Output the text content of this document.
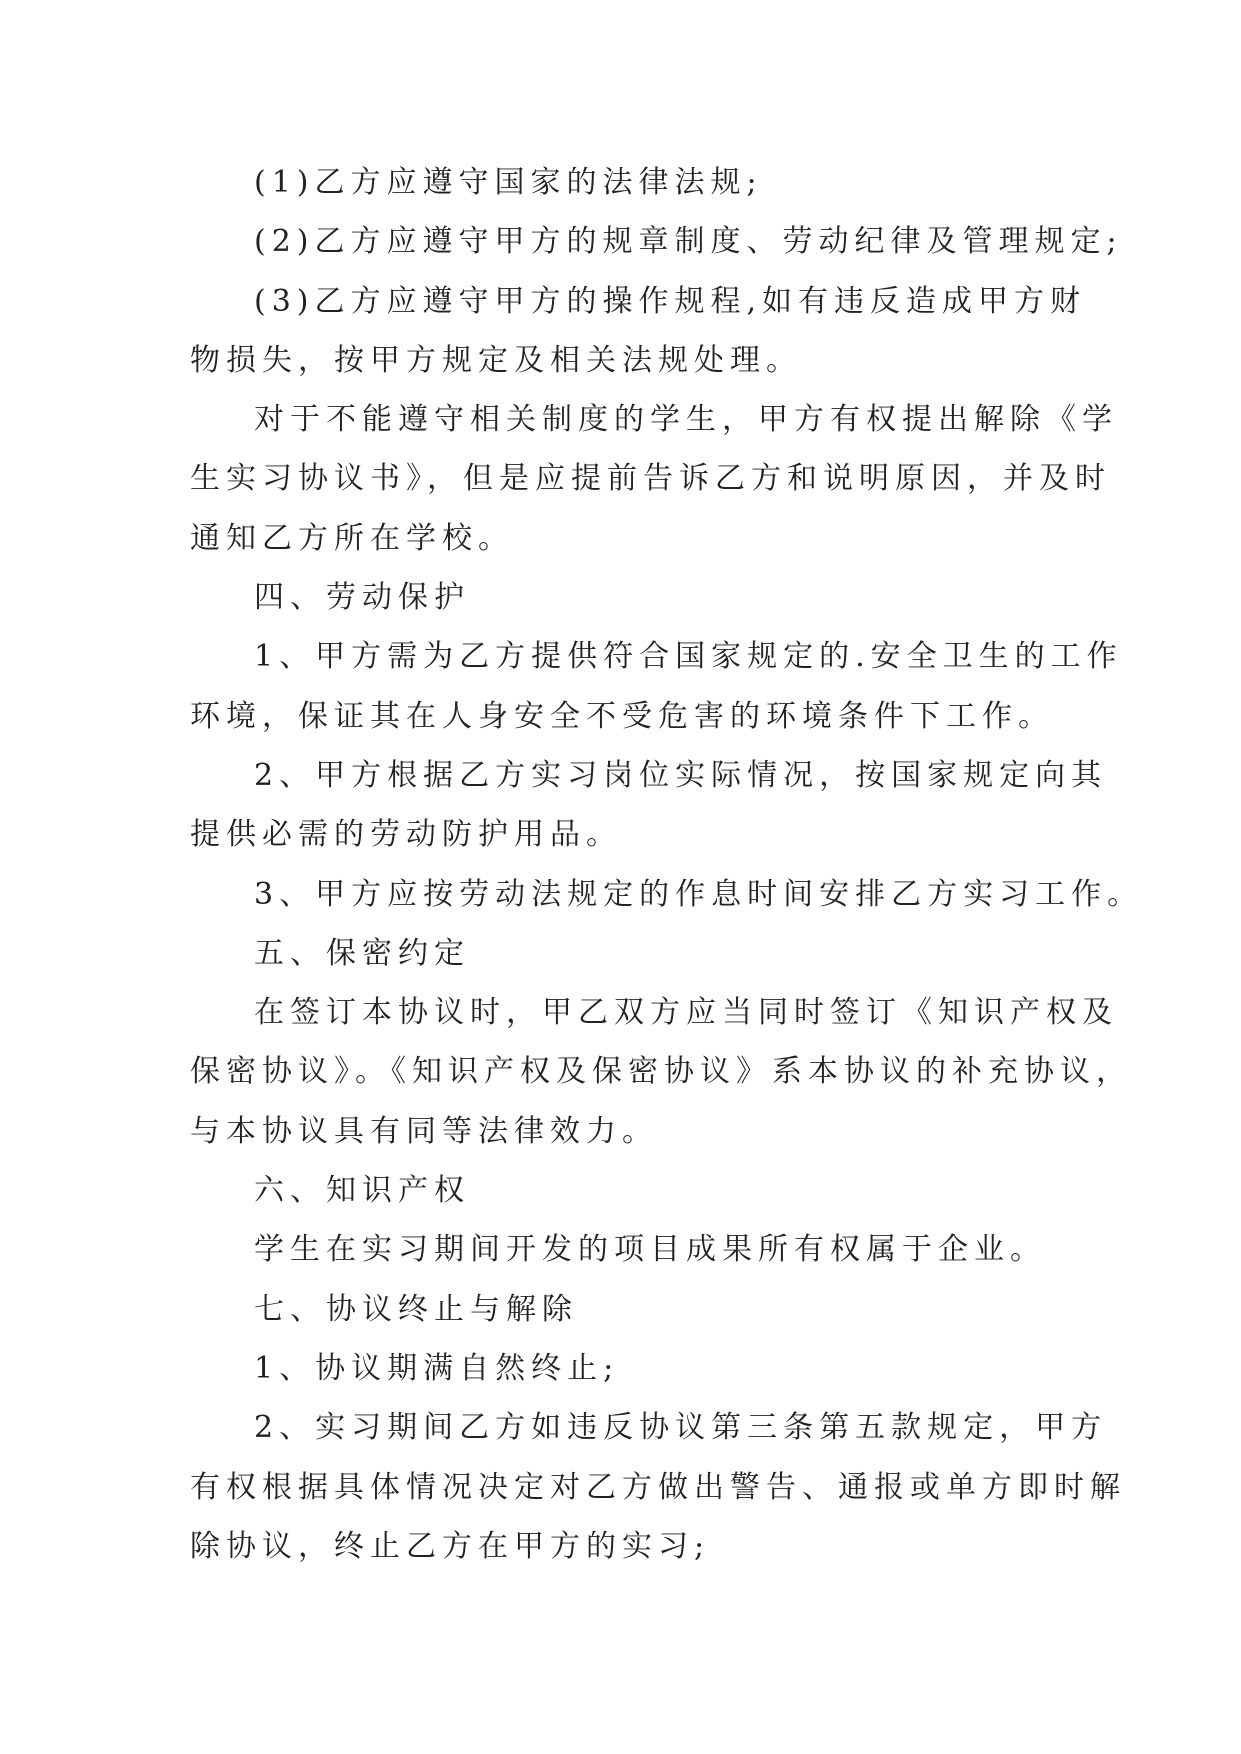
(1)乙方应遵守国家的法律法规;
(2)乙方应遵守甲方的规章制度、劳动纪律及管理规定;
(3)乙方应遵守甲方的操作规程,如有违反造成甲方财
物损失，按甲方规定及相关法规处理。
对于不能遵守相关制度的学生，甲方有权提出解除《学
生实习协议书》，但是应提前告诉乙方和说明原因，并及时
通知乙方所在学校。
四、劳动保护
1、甲方需为乙方提供符合国家规定的.安全卫生的工作
环境，保证其在人身安全不受危害的环境条件下工作。
2、甲方根据乙方实习岗位实际情况，按国家规定向其
提供必需的劳动防护用品。
3、甲方应按劳动法规定的作息时间安排乙方实习工作。
五、保密约定
在签订本协议时，甲乙双方应当同时签订《知识产权及
保密协议》。《知识产权及保密协议》系本协议的补充协议，
与本协议具有同等法律效力。
六、知识产权
学生在实习期间开发的项目成果所有权属于企业。
七、协议终止与解除
1、协议期满自然终止;
2、实习期间乙方如违反协议第三条第五款规定，甲方
有权根据具体情况决定对乙方做出警告、通报或单方即时解
除协议，终止乙方在甲方的实习;
